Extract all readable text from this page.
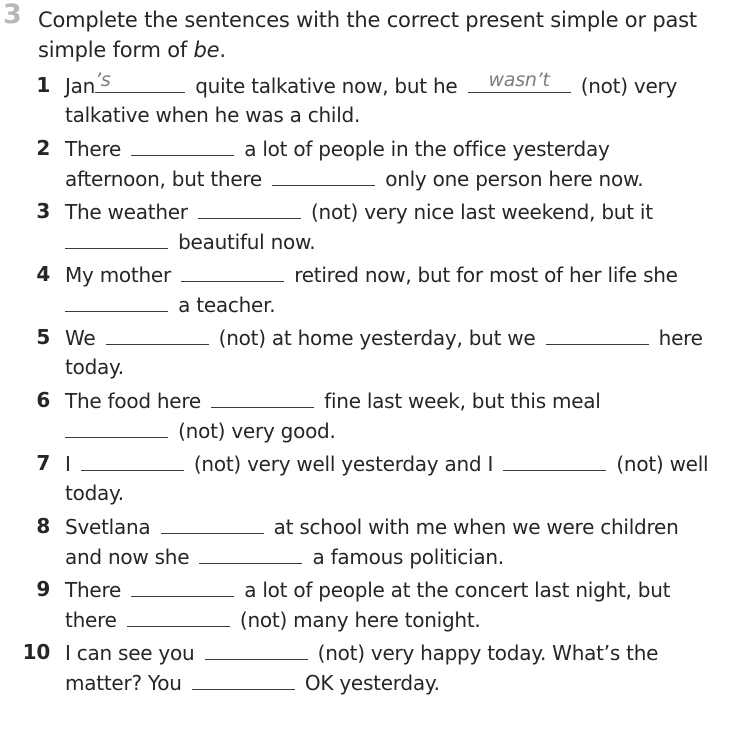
3 Complete the sentences with the correct present simple or past simple form of be.
1 Jan ’s	quite talkative now, but he	wasn’t	(not) very
talkative when he was a child.
2 There	a lot of people in the office yesterday
afternoon, but there	only one person here now.
3 The weather	(not) very nice last weekend, but it
beautiful now.
4 My mother	retired now, but for most of her life she
a teacher.
5 We	(not) at home yesterday, but we	here
today.
6 The food here	fine last week, but this meal
(not) very good.
7 I	(not) very well yesterday and I	(not) well
today.
8 Svetlana	at school with me when we were children
and now she	a famous politician.
9 There	a lot of people at the concert last night, but
there	(not) many here tonight.
10 I can see you	(not) very happy today. What’s the
matter? You	OK yesterday.
